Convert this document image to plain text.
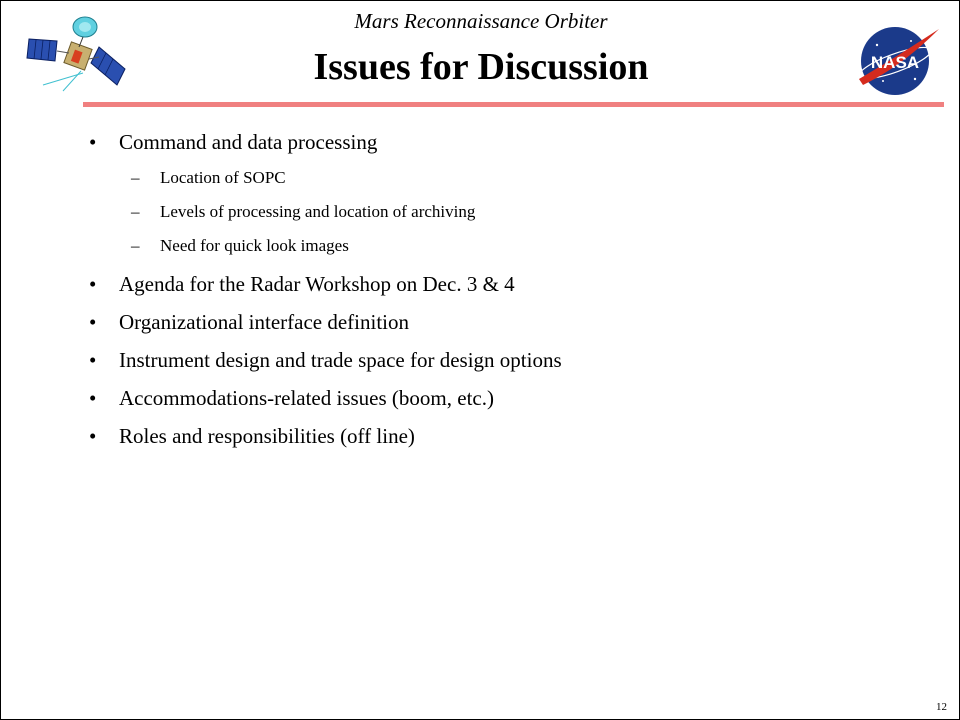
Mars Reconnaissance Orbiter
Issues for Discussion	NASA
• Command and data processing
– Location of SOPC
– Levels of processing and location of archiving
– Need for quick look images
• Agenda for the Radar Workshop on Dec. 3 & 4
• Organizational interface definition
• Instrument design and trade space for design options
• Accommodations-related issues (boom, etc.)
• Roles and responsibilities (off line)
12
